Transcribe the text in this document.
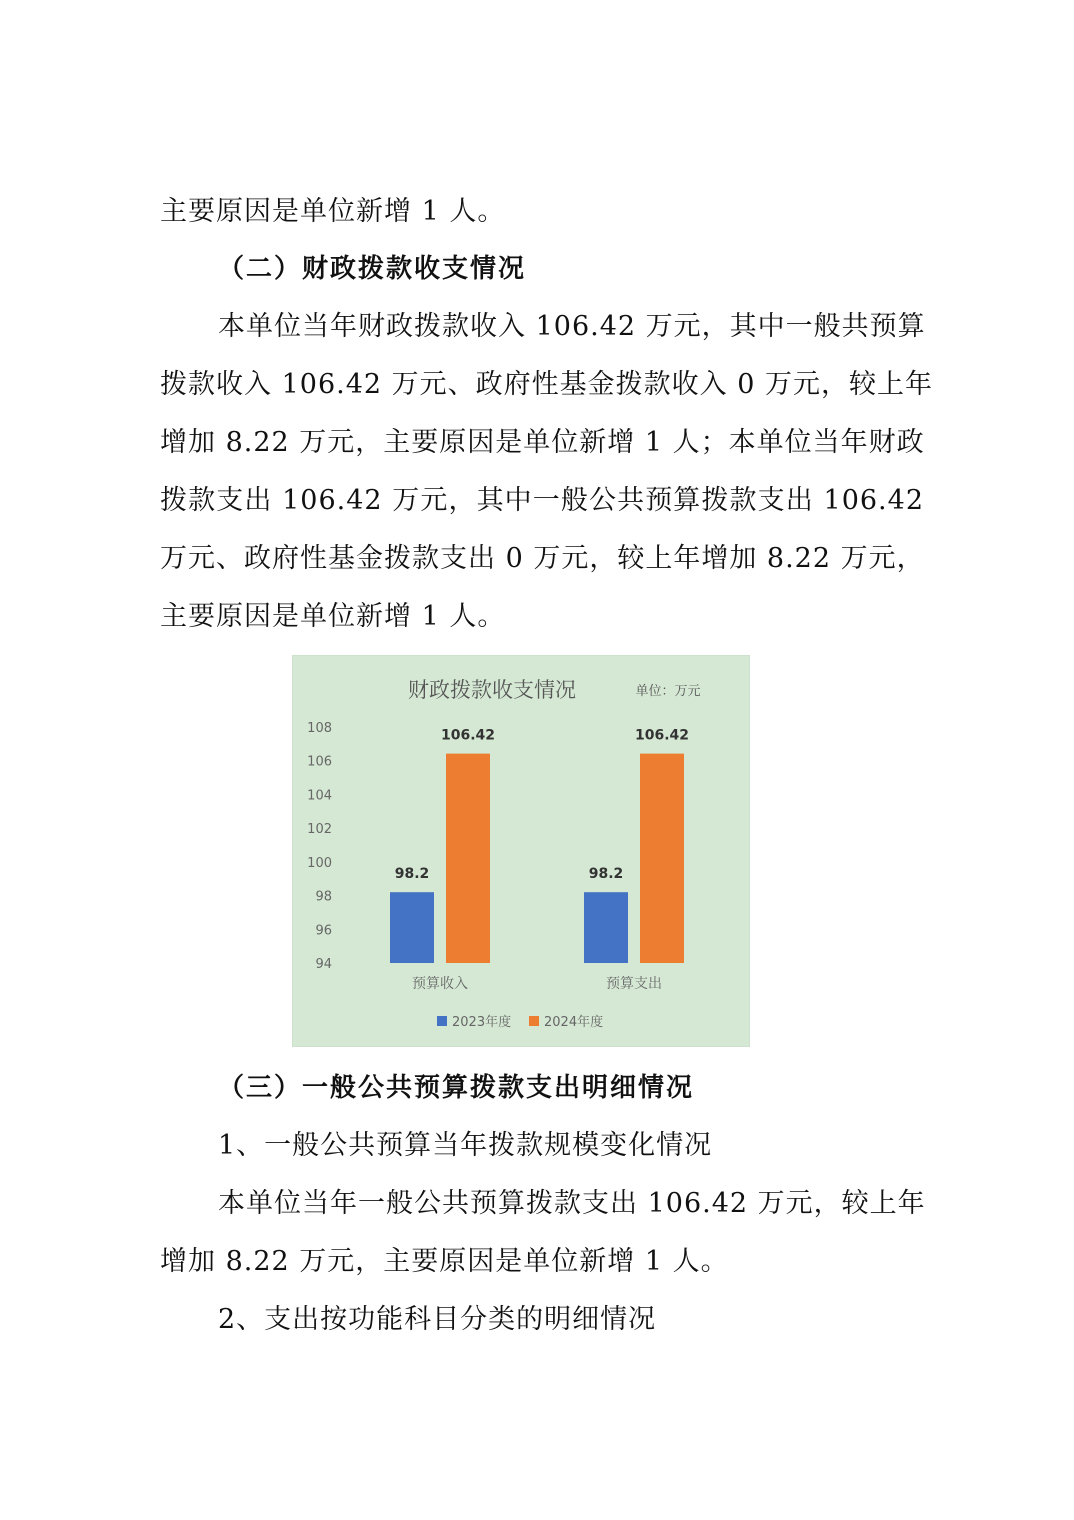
主要原因是单位新增 1 人。
（二）财政拨款收支情况
本单位当年财政拨款收入 106.42 万元，其中一般共预算
拨款收入 106.42 万元、政府性基金拨款收入 0 万元，较上年
增加 8.22 万元，主要原因是单位新增 1 人；本单位当年财政
拨款支出 106.42 万元，其中一般公共预算拨款支出 106.42
万元、政府性基金拨款支出 0 万元，较上年增加 8.22 万元，
主要原因是单位新增 1 人。
财政拨款收支情况	单位：万元
94
96
98
100
102
104
106
108
98.2
106.42
98.2
106.42
预算收入	预算支出
2023年度	2024年度
（三）一般公共预算拨款支出明细情况
1、一般公共预算当年拨款规模变化情况
本单位当年一般公共预算拨款支出 106.42 万元，较上年
增加 8.22 万元，主要原因是单位新增 1 人。
2、支出按功能科目分类的明细情况
